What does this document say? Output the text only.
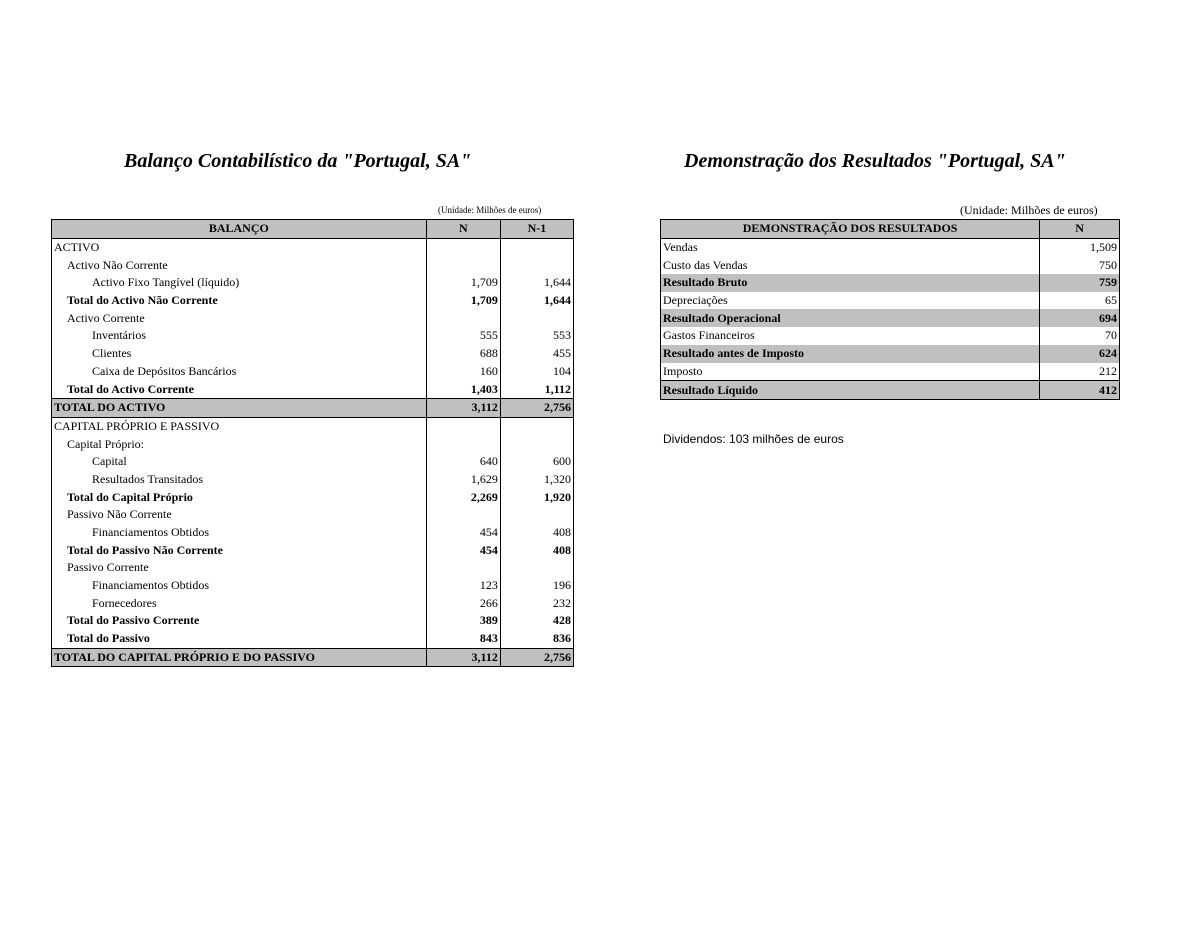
Balanço Contabilístico da "Portugal, SA"
(Unidade: Milhões de euros)
BALANÇO	N	N-1
ACTIVO		
Activo Não Corrente		
Activo Fixo Tangível (líquido)	1,709	1,644
Total do Activo Não Corrente	1,709	1,644
Activo Corrente		
Inventários	555	553
Clientes	688	455
Caixa de Depósitos Bancários	160	104
Total do Activo Corrente	1,403	1,112
TOTAL DO ACTIVO	3,112	2,756
CAPITAL PRÓPRIO E PASSIVO		
Capital Próprio:		
Capital	640	600
Resultados Transitados	1,629	1,320
Total do Capital Próprio	2,269	1,920
Passivo Não Corrente		
Financiamentos Obtidos	454	408
Total do Passivo Não Corrente	454	408
Passivo Corrente		
Financiamentos Obtidos	123	196
Fornecedores	266	232
Total do Passivo Corrente	389	428
Total do Passivo	843	836
TOTAL DO CAPITAL PRÓPRIO E DO PASSIVO	3,112	2,756
Demonstração dos Resultados "Portugal, SA"
(Unidade: Milhões de euros)
DEMONSTRAÇÃO DOS RESULTADOS	N
Vendas	1,509
Custo das Vendas	750
Resultado Bruto	759
Depreciações	65
Resultado Operacional	694
Gastos Financeiros	70
Resultado antes de Imposto	624
Imposto	212
Resultado Líquido	412
Dividendos: 103 milhões de euros
